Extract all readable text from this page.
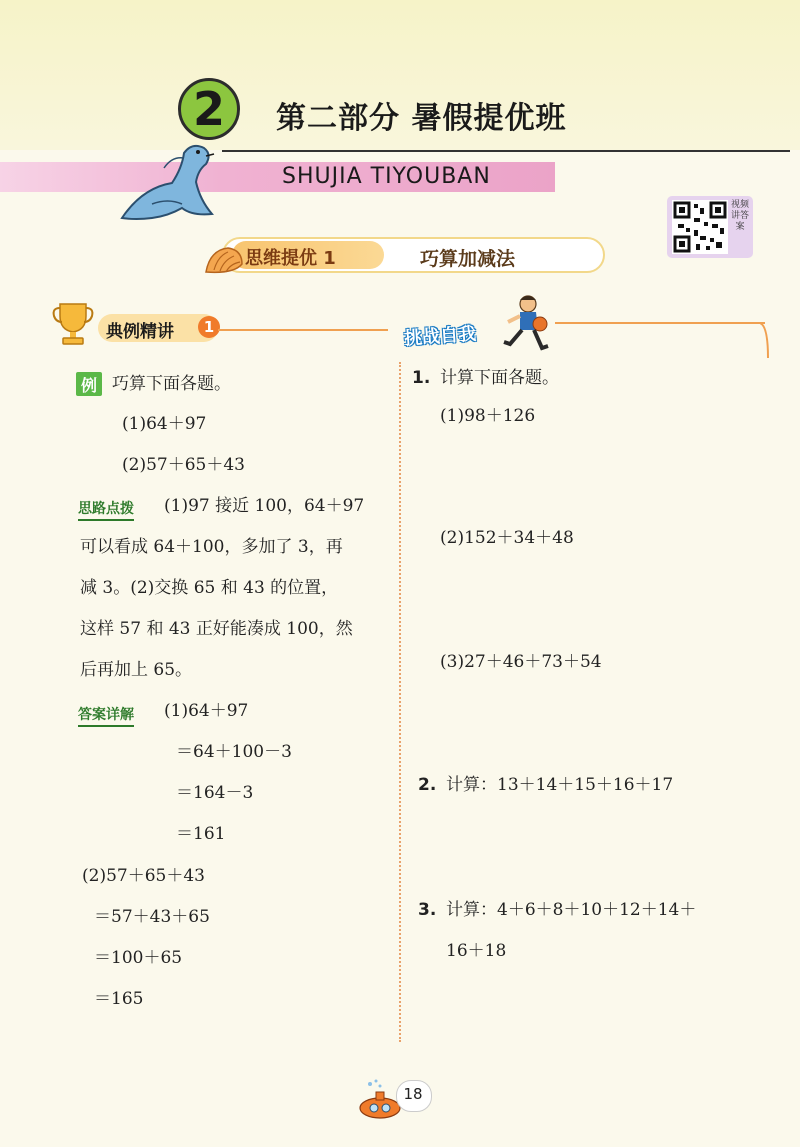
2	第二部分 暑假提优班
SHUJIA TIYOUBAN
视频讲答案
思维提优 1	巧算加减法
典例精讲	1	挑战自我
例 巧算下面各题。
(1)64＋97
(2)57＋65＋43
思路点拨 (1)97 接近 100，64＋97
可以看成 64＋100，多加了 3，再
减 3。(2)交换 65 和 43 的位置，
这样 57 和 43 正好能凑成 100，然
后再加上 65。
答案详解 (1)64＋97
＝64＋100－3
＝164－3
＝161
(2)57＋65＋43
＝57＋43＋65
＝100＋65
＝165
1. 计算下面各题。
(1)98＋126
(2)152＋34＋48
(3)27＋46＋73＋54
2. 计算：13＋14＋15＋16＋17
3. 计算：4＋6＋8＋10＋12＋14＋
16＋18
18
